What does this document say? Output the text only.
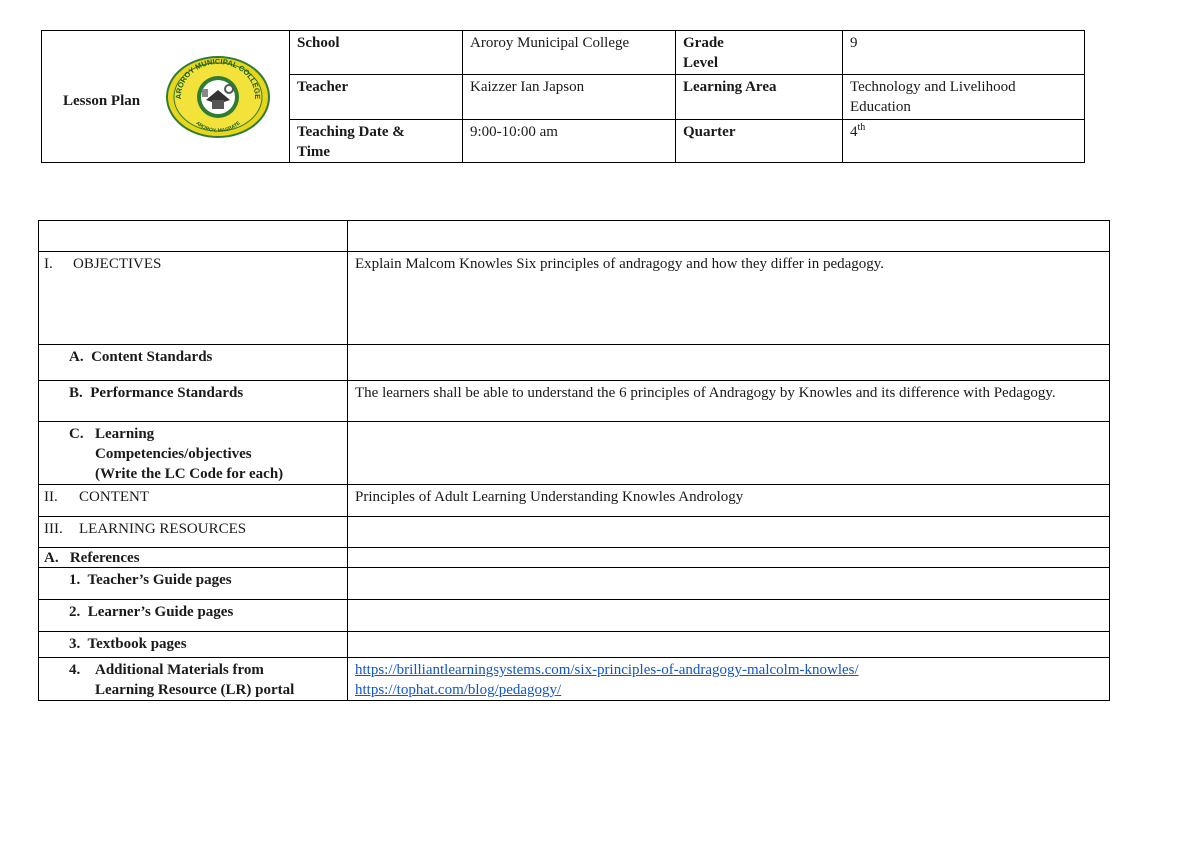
Lesson Plan AROROY MUNICIPAL COLLEGE
AROROY, MASBATE	School	Aroroy Municipal College	Grade
Level	9
	Teacher	Kaizzer Ian Japson	Learning Area	Technology and Livelihood
Education
	Teaching Date &
Time	9:00-10:00 am	Quarter	4th

I. OBJECTIVES	Explain Malcom Knowles Six principles of andragogy and how they differ in pedagogy.
A. Content Standards	
B. Performance Standards	The learners shall be able to understand the 6 principles of Andragogy by Knowles and its difference with Pedagogy.

C. Learning
Competencies/objectives
(Write the LC Code for each)	

II. CONTENT	Principles of Adult Learning Understanding Knowles Andrology
III. LEARNING RESOURCES	
A. References	
1. Teacher’s Guide pages	
2. Learner’s Guide pages	
3. Textbook pages	

4. Additional Materials from
Learning Resource (LR) portal	https://brilliantlearningsystems.com/six-principles-of-andragogy-malcolm-knowles/
https://tophat.com/blog/pedagogy/
